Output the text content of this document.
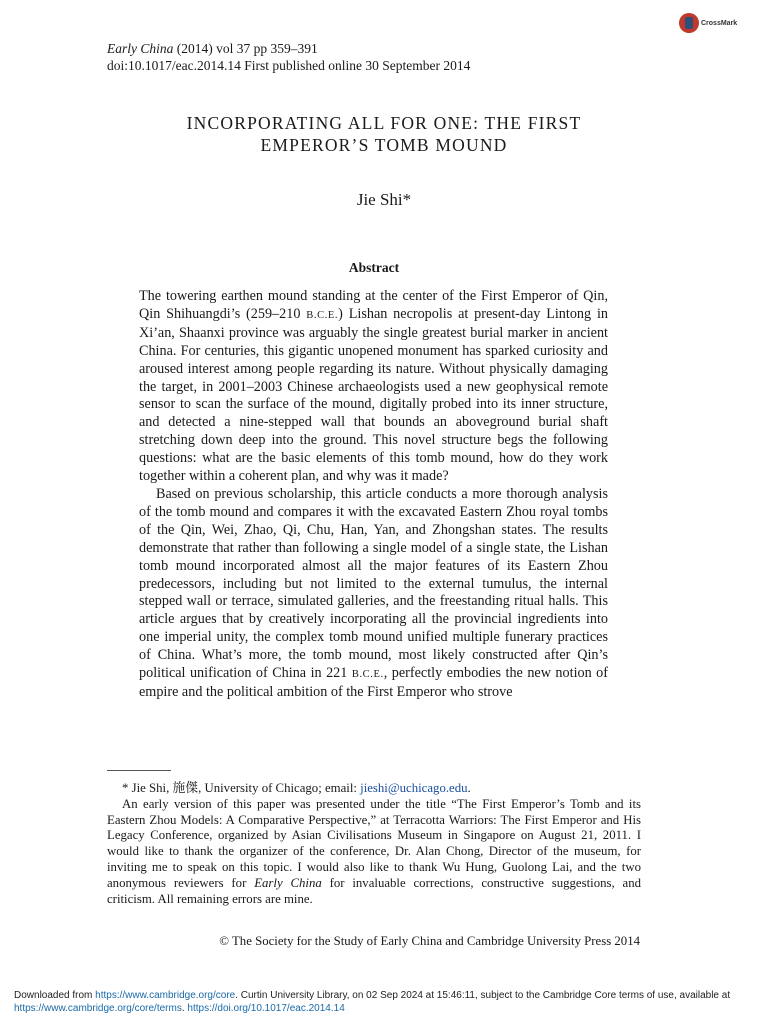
CrossMark
Early China (2014) vol 37 pp 359–391
doi:10.1017/eac.2014.14 First published online 30 September 2014
INCORPORATING ALL FOR ONE: THE FIRST
EMPEROR’S TOMB MOUND
Jie Shi*
Abstract

The towering earthen mound standing at the center of the First Emperor of Qin, Qin Shihuangdi’s (259–210 B.C.E.) Lishan necropolis at present-day Lintong in Xi’an, Shaanxi province was arguably the single greatest burial marker in ancient China. For centuries, this gigantic unopened monument has sparked curiosity and aroused interest among people regarding its nature. Without physically damaging the target, in 2001–2003 Chinese archaeologists used a new geophysical remote sensor to scan the surface of the mound, digitally probed into its inner structure, and detected a nine-stepped wall that bounds an aboveground burial shaft stretching down deep into the ground. This novel structure begs the following questions: what are the basic elements of this tomb mound, how do they work together within a coherent plan, and why was it made?

Based on previous scholarship, this article conducts a more thorough analysis of the tomb mound and compares it with the excavated Eastern Zhou royal tombs of the Qin, Wei, Zhao, Qi, Chu, Han, Yan, and Zhongshan states. The results demonstrate that rather than following a single model of a single state, the Lishan tomb mound incorporated almost all the major features of its Eastern Zhou predecessors, including but not limited to the external tumulus, the internal stepped wall or terrace, simulated galleries, and the freestanding ritual halls. This article argues that by creatively incorporating all the provincial ingredients into one imperial unity, the complex tomb mound unified multiple funerary practices of China. What’s more, the tomb mound, most likely constructed after Qin’s political unification of China in 221 B.C.E., perfectly embodies the new notion of empire and the political ambition of the First Emperor who strove

* Jie Shi, 施傑, University of Chicago; email: jieshi@uchicago.edu.

An early version of this paper was presented under the title “The First Emperor’s Tomb and its Eastern Zhou Models: A Comparative Perspective,” at Terracotta Warriors: The First Emperor and His Legacy Conference, organized by Asian Civilisations Museum in Singapore on August 21, 2011. I would like to thank the organizer of the conference, Dr. Alan Chong, Director of the museum, for inviting me to speak on this topic. I would also like to thank Wu Hung, Guolong Lai, and the two anonymous reviewers for Early China for invaluable corrections, constructive suggestions, and criticism. All remaining errors are mine.

© The Society for the Study of Early China and Cambridge University Press 2014
Downloaded from https://www.cambridge.org/core. Curtin University Library, on 02 Sep 2024 at 15:46:11, subject to the Cambridge Core terms of use, available at https://www.cambridge.org/core/terms. https://doi.org/10.1017/eac.2014.14
